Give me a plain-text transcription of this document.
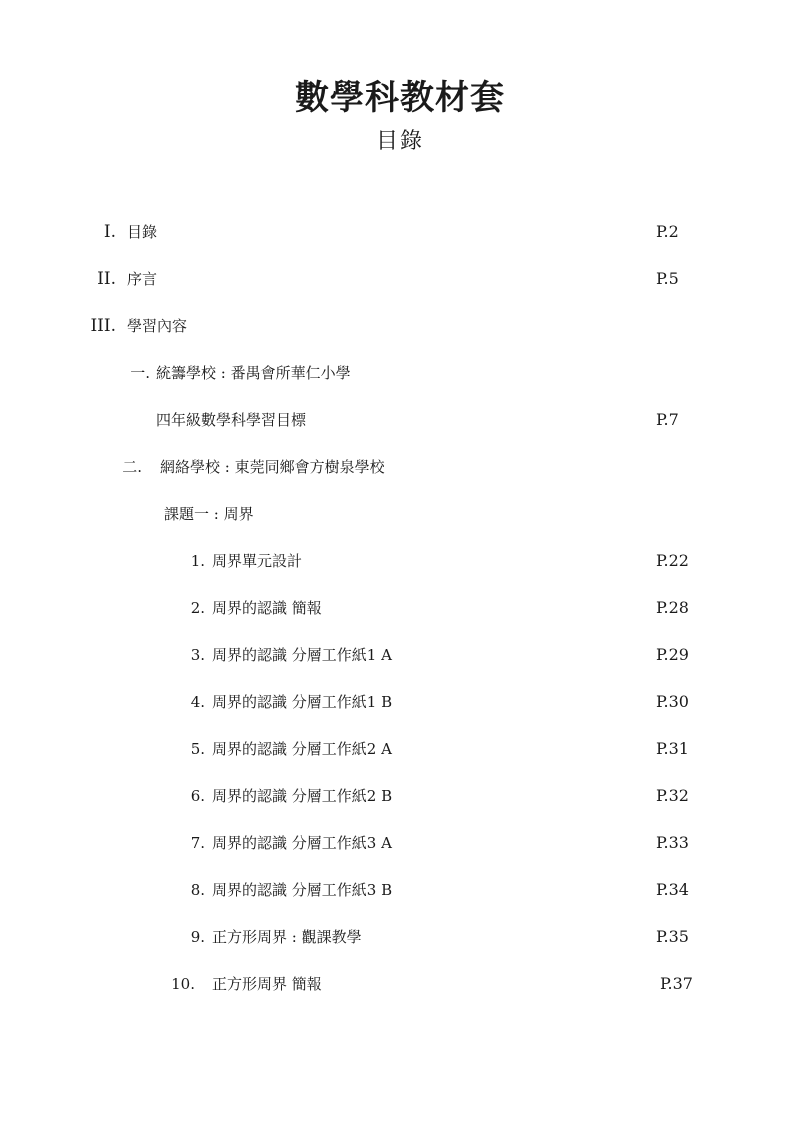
數學科教材套
目錄
I. 目錄	P.2
II. 序言	P.5
III. 學習內容
一. 統籌學校 : 番禺會所華仁小學
四年級數學科學習目標	P.7
二. 網絡學校 : 東莞同鄉會方樹泉學校
課題一 : 周界
1. 周界單元設計	P.22
2. 周界的認識 簡報	P.28
3. 周界的認識 分層工作紙1 A	P.29
4. 周界的認識 分層工作紙1 B	P.30
5. 周界的認識 分層工作紙2 A	P.31
6. 周界的認識 分層工作紙2 B	P.32
7. 周界的認識 分層工作紙3 A	P.33
8. 周界的認識 分層工作紙3 B	P.34
9. 正方形周界 : 觀課教學	P.35
10. 正方形周界 簡報	P.37
